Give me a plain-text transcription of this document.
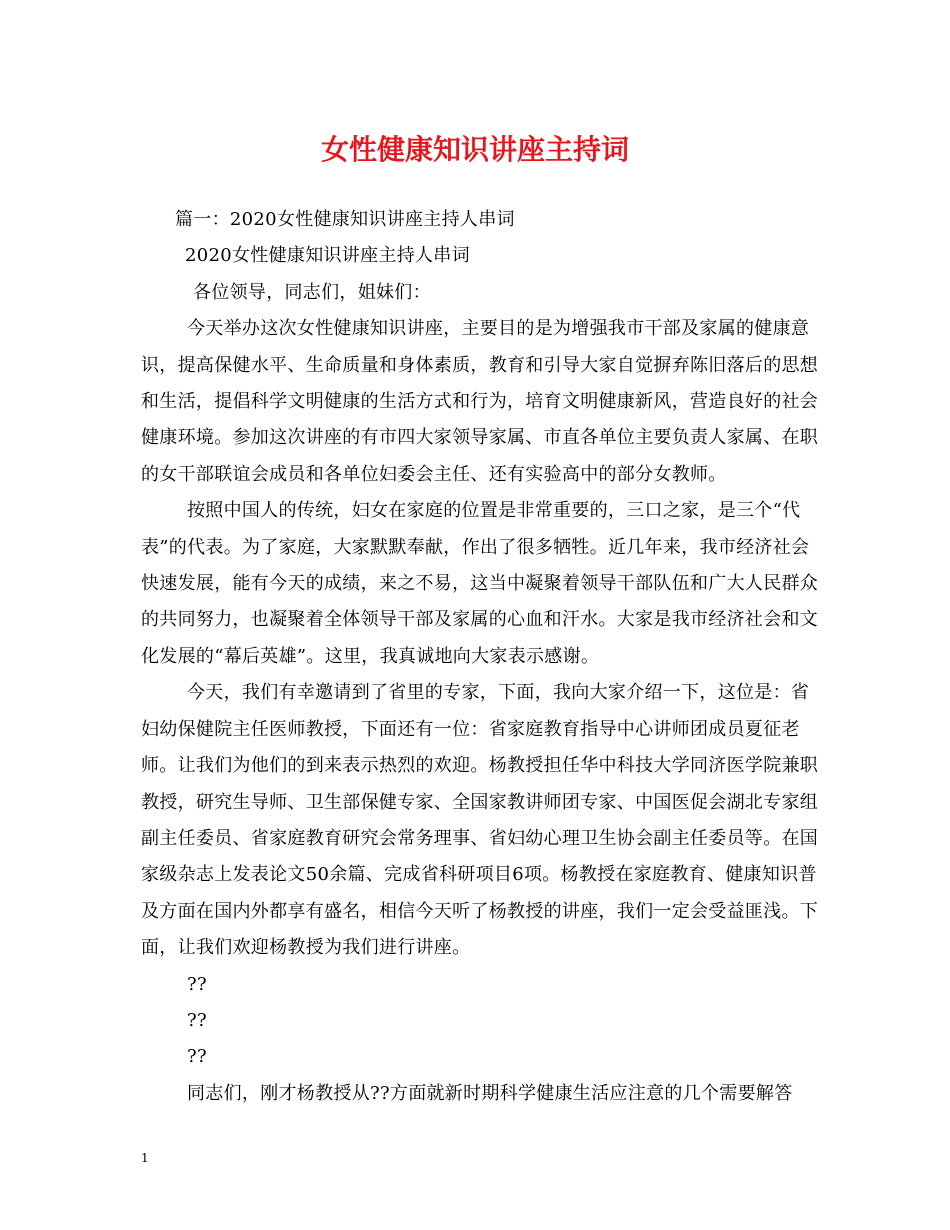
女性健康知识讲座主持词

篇一：2020女性健康知识讲座主持人串词

2020女性健康知识讲座主持人串词

各位领导，同志们，姐妹们：

今天举办这次女性健康知识讲座，主要目的是为增强我市干部及家属的健康意识，提高保健水平、生命质量和身体素质，教育和引导大家自觉摒弃陈旧落后的思想和生活，提倡科学文明健康的生活方式和行为，培育文明健康新风，营造良好的社会健康环境。参加这次讲座的有市四大家领导家属、市直各单位主要负责人家属、在职的女干部联谊会成员和各单位妇委会主任、还有实验高中的部分女教师。

按照中国人的传统，妇女在家庭的位置是非常重要的，三口之家，是三个“代表”的代表。为了家庭，大家默默奉献，作出了很多牺牲。近几年来，我市经济社会快速发展，能有今天的成绩，来之不易，这当中凝聚着领导干部队伍和广大人民群众的共同努力，也凝聚着全体领导干部及家属的心血和汗水。大家是我市经济社会和文化发展的“幕后英雄”。这里，我真诚地向大家表示感谢。

今天，我们有幸邀请到了省里的专家，下面，我向大家介绍一下，这位是：省妇幼保健院主任医师教授，下面还有一位：省家庭教育指导中心讲师团成员夏征老师。让我们为他们的到来表示热烈的欢迎。杨教授担任华中科技大学同济医学院兼职教授，研究生导师、卫生部保健专家、全国家教讲师团专家、中国医促会湖北专家组副主任委员、省家庭教育研究会常务理事、省妇幼心理卫生协会副主任委员等。在国家级杂志上发表论文50余篇、完成省科研项目6项。杨教授在家庭教育、健康知识普及方面在国内外都享有盛名，相信今天听了杨教授的讲座，我们一定会受益匪浅。下面，让我们欢迎杨教授为我们进行讲座。

??

??

??

同志们，刚才杨教授从??方面就新时期科学健康生活应注意的几个需要解答

1
